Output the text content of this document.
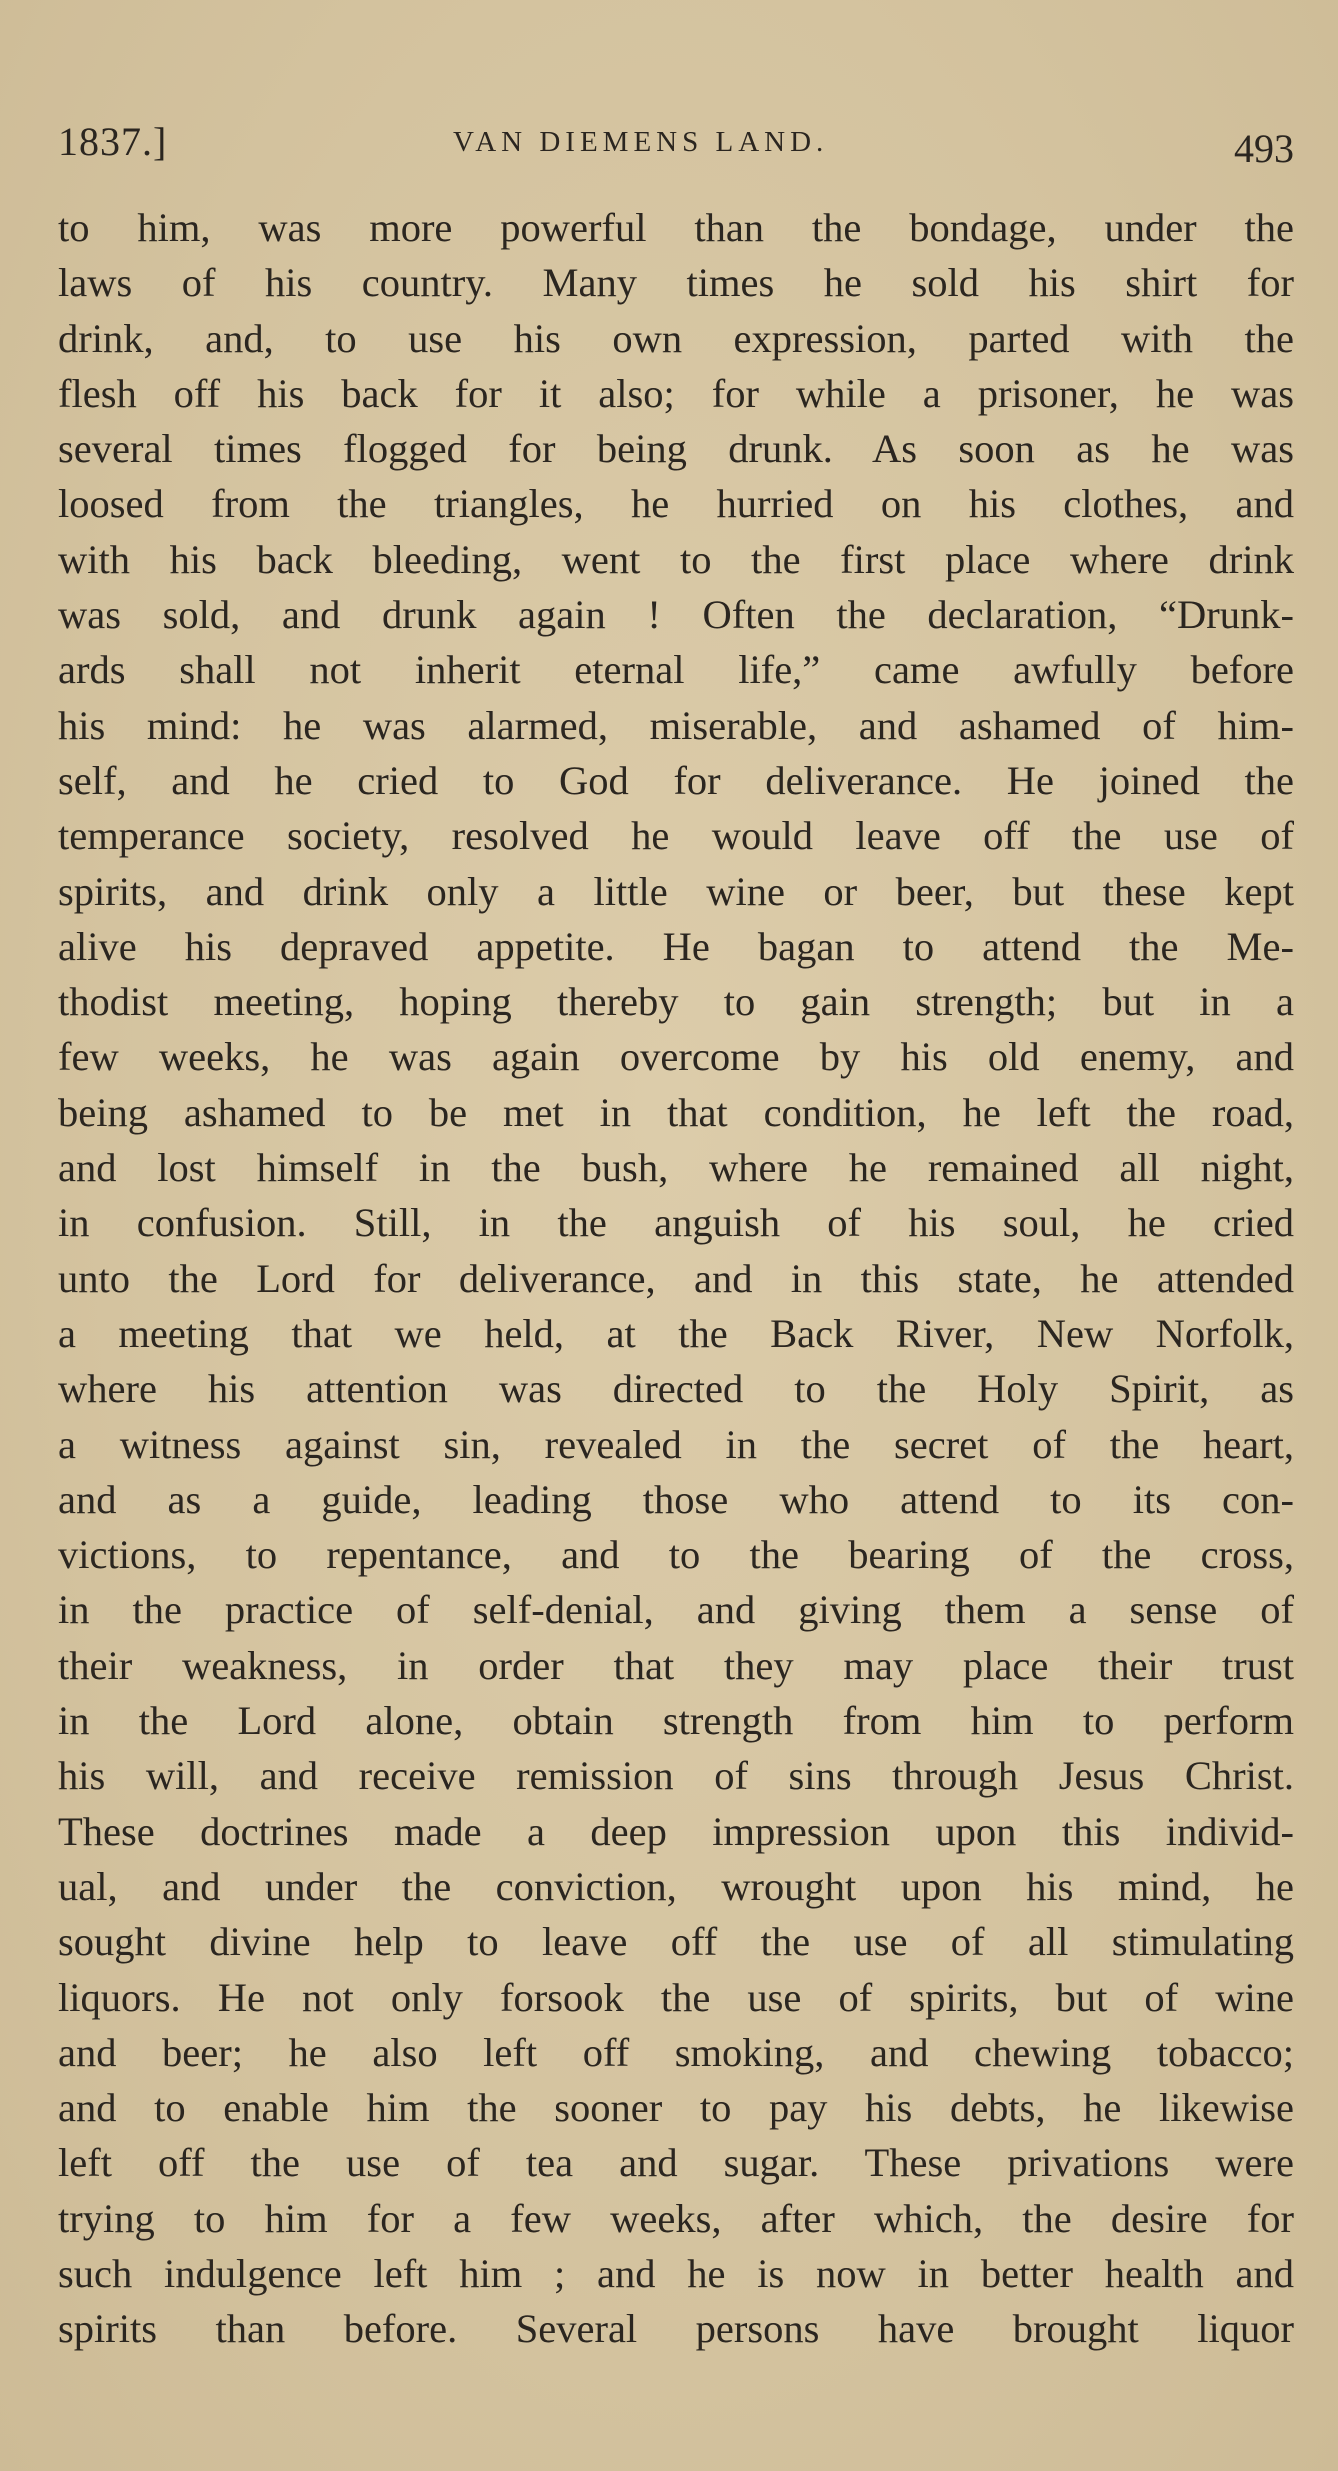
1837.]	VAN DIEMENS LAND.	493
to him, was more powerful than the bondage, under the
laws of his country. Many times he sold his shirt for
drink, and, to use his own expression, parted with the
flesh off his back for it also; for while a prisoner, he was
several times flogged for being drunk. As soon as he was
loosed from the triangles, he hurried on his clothes, and
with his back bleeding, went to the first place where drink
was sold, and drunk again ! Often the declaration, “Drunk-
ards shall not inherit eternal life,” came awfully before
his mind: he was alarmed, miserable, and ashamed of him-
self, and he cried to God for deliverance. He joined the
temperance society, resolved he would leave off the use of
spirits, and drink only a little wine or beer, but these kept
alive his depraved appetite. He bagan to attend the Me-
thodist meeting, hoping thereby to gain strength; but in a
few weeks, he was again overcome by his old enemy, and
being ashamed to be met in that condition, he left the road,
and lost himself in the bush, where he remained all night,
in confusion. Still, in the anguish of his soul, he cried
unto the Lord for deliverance, and in this state, he attended
a meeting that we held, at the Back River, New Norfolk,
where his attention was directed to the Holy Spirit, as
a witness against sin, revealed in the secret of the heart,
and as a guide, leading those who attend to its con-
victions, to repentance, and to the bearing of the cross,
in the practice of self-denial, and giving them a sense of
their weakness, in order that they may place their trust
in the Lord alone, obtain strength from him to perform
his will, and receive remission of sins through Jesus Christ.
These doctrines made a deep impression upon this individ-
ual, and under the conviction, wrought upon his mind, he
sought divine help to leave off the use of all stimulating
liquors. He not only forsook the use of spirits, but of wine
and beer; he also left off smoking, and chewing tobacco;
and to enable him the sooner to pay his debts, he likewise
left off the use of tea and sugar. These privations were
trying to him for a few weeks, after which, the desire for
such indulgence left him ; and he is now in better health and
spirits than before. Several persons have brought liquor
